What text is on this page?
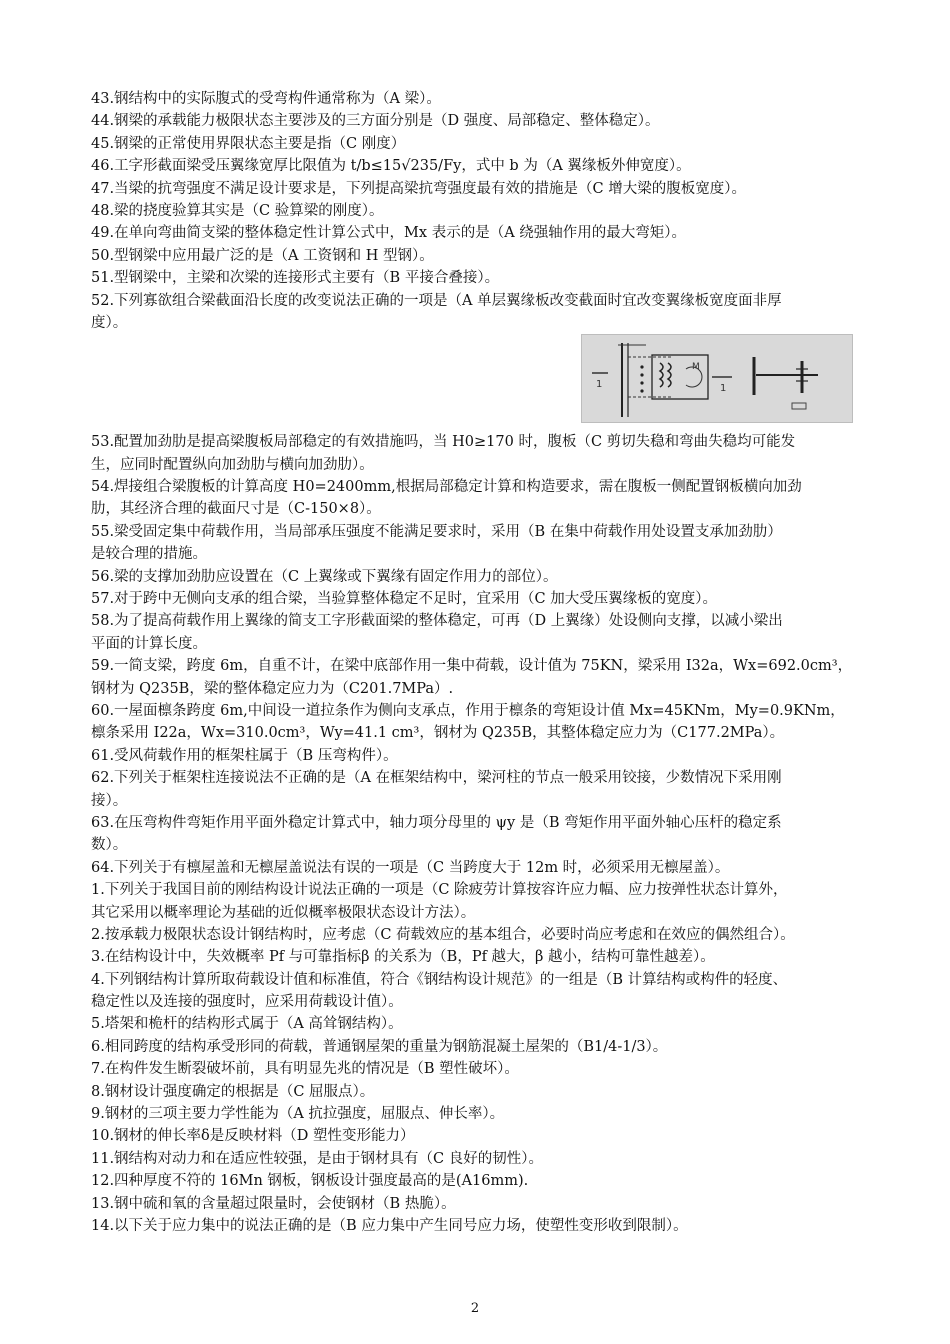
43.钢结构中的实际腹式的受弯构件通常称为（A 梁）。
44.钢梁的承载能力极限状态主要涉及的三方面分别是（D 强度、局部稳定、整体稳定）。
45.钢梁的正常使用界限状态主要是指（C 刚度）
46.工字形截面梁受压翼缘宽厚比限值为 t/b≤15√235/Fy，式中 b 为（A 翼缘板外伸宽度）。
47.当梁的抗弯强度不满足设计要求是，下列提高梁抗弯强度最有效的措施是（C 增大梁的腹板宽度）。
48.梁的挠度验算其实是（C 验算梁的刚度）。
49.在单向弯曲简支梁的整体稳定性计算公式中，Mx 表示的是（A 绕强轴作用的最大弯矩）。
50.型钢梁中应用最广泛的是（A 工资钢和 H 型钢）。
51.型钢梁中，主梁和次梁的连接形式主要有（B 平接合叠接）。
52.下列寡欲组合梁截面沿长度的改变说法正确的一项是（A 单层翼缘板改变截面时宜改变翼缘板宽度面非厚
度）。
1
M
1
53.配置加劲肋是提高梁腹板局部稳定的有效措施吗，当 H0≥170 时，腹板（C 剪切失稳和弯曲失稳均可能发
生，应同时配置纵向加劲肋与横向加劲肋）。
54.焊接组合梁腹板的计算高度 H0=2400mm,根据局部稳定计算和构造要求，需在腹板一侧配置钢板横向加劲
肋，其经济合理的截面尺寸是（C-150×8）。
55.梁受固定集中荷载作用，当局部承压强度不能满足要求时，采用（B 在集中荷载作用处设置支承加劲肋）
是较合理的措施。
56.梁的支撑加劲肋应设置在（C 上翼缘或下翼缘有固定作用力的部位）。
57.对于跨中无侧向支承的组合梁，当验算整体稳定不足时，宜采用（C 加大受压翼缘板的宽度）。
58.为了提高荷载作用上翼缘的简支工字形截面梁的整体稳定，可再（D 上翼缘）处设侧向支撑，以减小梁出
平面的计算长度。
59.一简支梁，跨度 6m，自重不计，在梁中底部作用一集中荷载，设计值为 75KN，梁采用 I32a，Wx=692.0cm³，
钢材为 Q235B，梁的整体稳定应力为（C201.7MPa）.
60.一屋面檩条跨度 6m,中间设一道拉条作为侧向支承点，作用于檩条的弯矩设计值 Mx=45KNm，My=0.9KNm，
檩条采用 I22a，Wx=310.0cm³，Wy=41.1 cm³，钢材为 Q235B，其整体稳定应力为（C177.2MPa）。
61.受风荷载作用的框架柱属于（B 压弯构件）。
62.下列关于框架柱连接说法不正确的是（A 在框架结构中，梁河柱的节点一般采用铰接，少数情况下采用刚
接）。
63.在压弯构件弯矩作用平面外稳定计算式中，轴力项分母里的 ψy 是（B 弯矩作用平面外轴心压杆的稳定系
数）。
64.下列关于有檩屋盖和无檩屋盖说法有误的一项是（C 当跨度大于 12m 时，必须采用无檩屋盖）。
1.下列关于我国目前的刚结构设计说法正确的一项是（C 除疲劳计算按容许应力幅、应力按弹性状态计算外，
其它采用以概率理论为基础的近似概率极限状态设计方法）。
2.按承载力极限状态设计钢结构时，应考虑（C 荷载效应的基本组合，必要时尚应考虑和在效应的偶然组合）。
3.在结构设计中，失效概率 Pf 与可靠指标β 的关系为（B，Pf 越大，β 越小，结构可靠性越差）。
4.下列钢结构计算所取荷载设计值和标准值，符合《钢结构设计规范》的一组是（B 计算结构或构件的轻度、
稳定性以及连接的强度时，应采用荷载设计值）。
5.塔架和桅杆的结构形式属于（A 高耸钢结构）。
6.相同跨度的结构承受形同的荷载，普通钢屋架的重量为钢筋混凝土屋架的（B1/4-1/3）。
7.在构件发生断裂破坏前，具有明显先兆的情况是（B 塑性破坏）。
8.钢材设计强度确定的根据是（C 屈服点）。
9.钢材的三项主要力学性能为（A 抗拉强度，屈服点、伸长率）。
10.钢材的伸长率δ是反映材料（D 塑性变形能力）
11.钢结构对动力和在适应性较强，是由于钢材具有（C 良好的韧性）。
12.四种厚度不符的 16Mn 钢板，钢板设计强度最高的是(A16mm).
13.钢中硫和氧的含量超过限量时，会使钢材（B 热脆）。
14.以下关于应力集中的说法正确的是（B 应力集中产生同号应力场，使塑性变形收到限制）。
2
